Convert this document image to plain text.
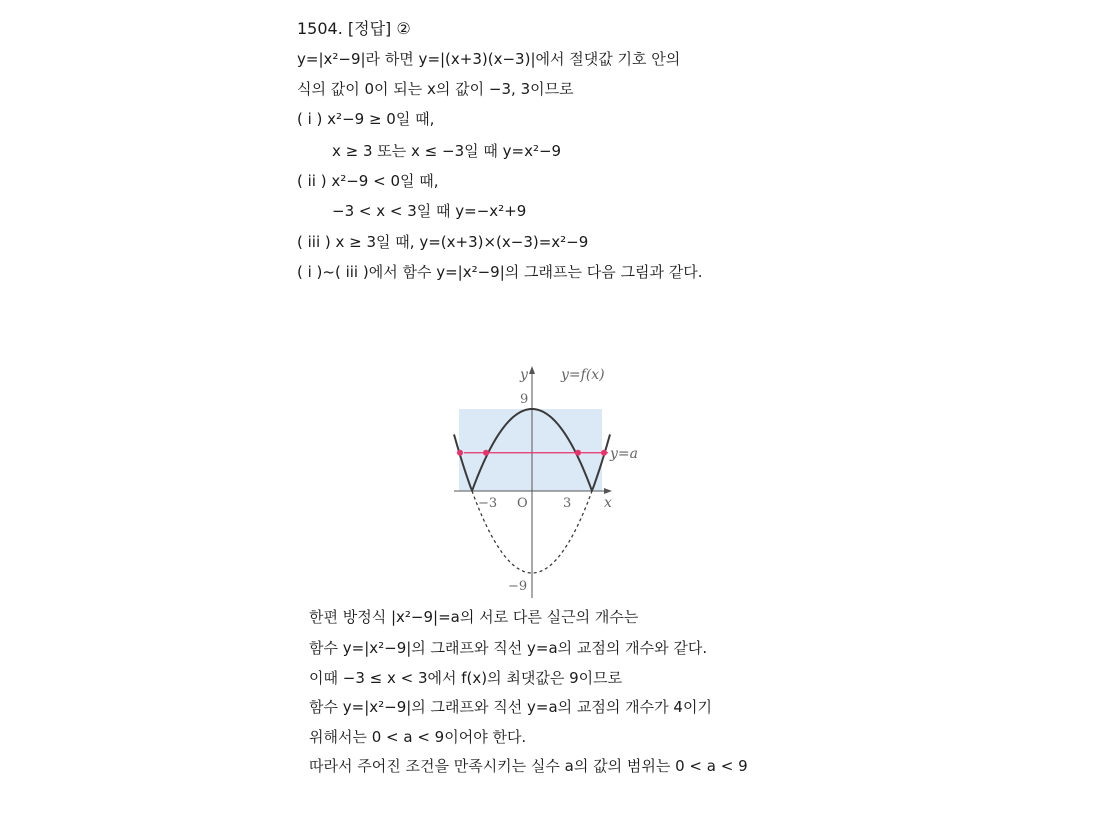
1504. [정답] ②
y=|x²−9|라 하면 y=|(x+3)(x−3)|에서 절댓값 기호 안의
식의 값이 0이 되는 x의 값이 −3, 3이므로
( i ) x²−9 ≥ 0일 때,
x ≥ 3 또는 x ≤ −3일 때 y=x²−9
( ii ) x²−9 < 0일 때,
−3 < x < 3일 때 y=−x²+9
( iii ) x ≥ 3일 때, y=(x+3)×(x−3)=x²−9
( i )~( iii )에서 함수 y=|x²−9|의 그래프는 다음 그림과 같다.
y y=f(x)
9
y=a
−3 O	3 x
−9
한편 방정식 |x²−9|=a의 서로 다른 실근의 개수는
함수 y=|x²−9|의 그래프와 직선 y=a의 교점의 개수와 같다.
이때 −3 ≤ x < 3에서 f(x)의 최댓값은 9이므로
함수 y=|x²−9|의 그래프와 직선 y=a의 교점의 개수가 4이기
위해서는 0 < a < 9이어야 한다.
따라서 주어진 조건을 만족시키는 실수 a의 값의 범위는 0 < a < 9
